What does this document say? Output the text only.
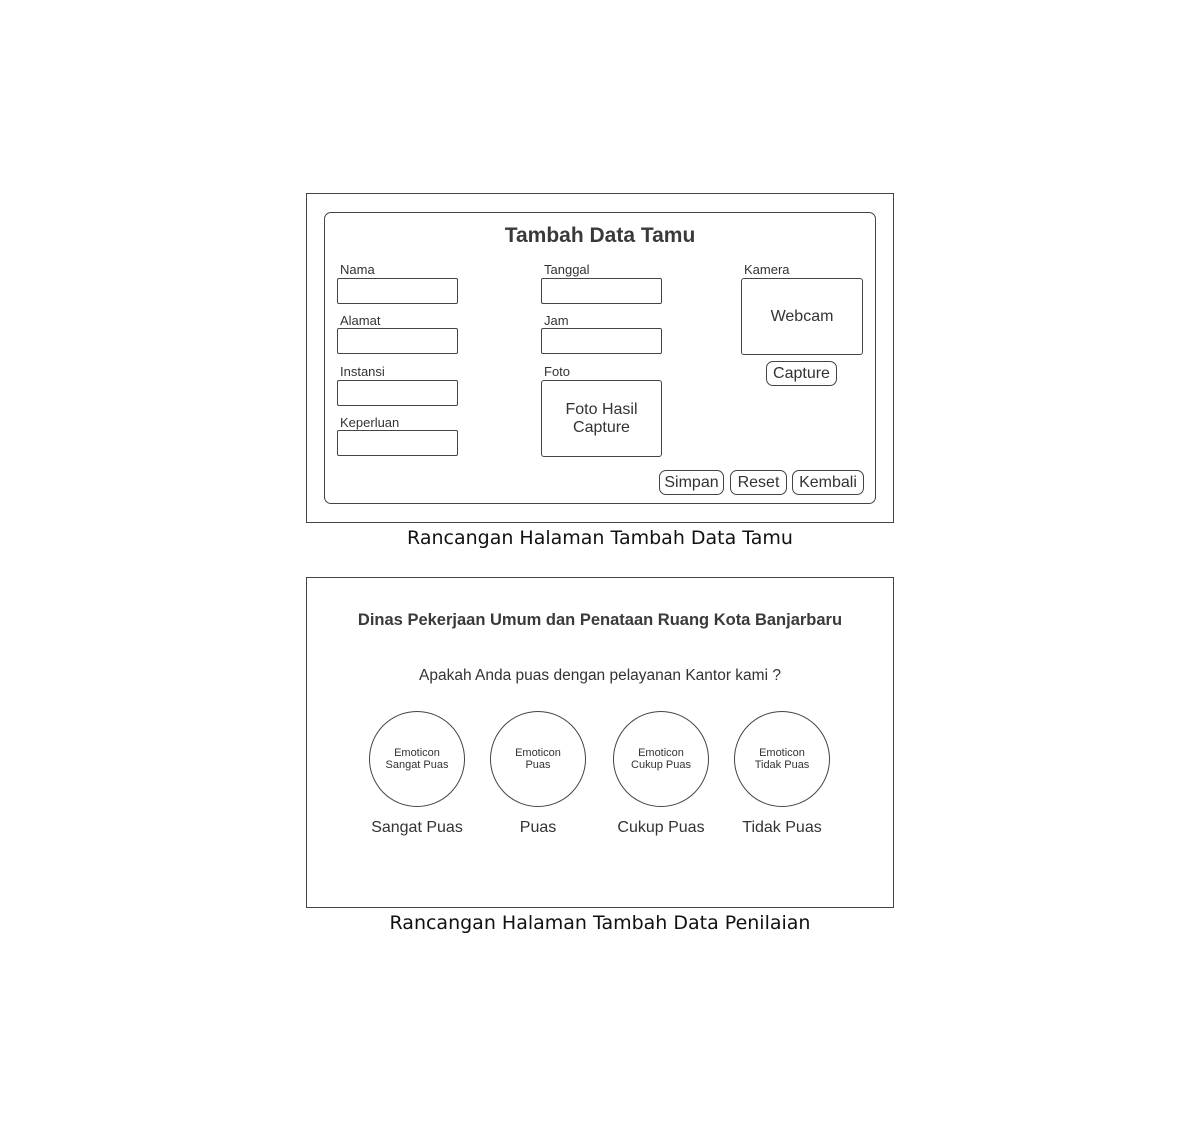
Tambah Data Tamu
Nama
Alamat
Instansi
Keperluan
Tanggal
Jam
Foto
Foto Hasil
Capture
Kamera
Webcam
Capture
Simpan	Reset	Kembali
Rancangan Halaman Tambah Data Tamu
Dinas Pekerjaan Umum dan Penataan Ruang Kota Banjarbaru
Apakah Anda puas dengan pelayanan Kantor kami ?
Emoticon
Sangat Puas
Emoticon
Puas
Emoticon
Cukup Puas
Emoticon
Tidak Puas
Sangat Puas	Puas	Cukup Puas	Tidak Puas
Rancangan Halaman Tambah Data Penilaian
